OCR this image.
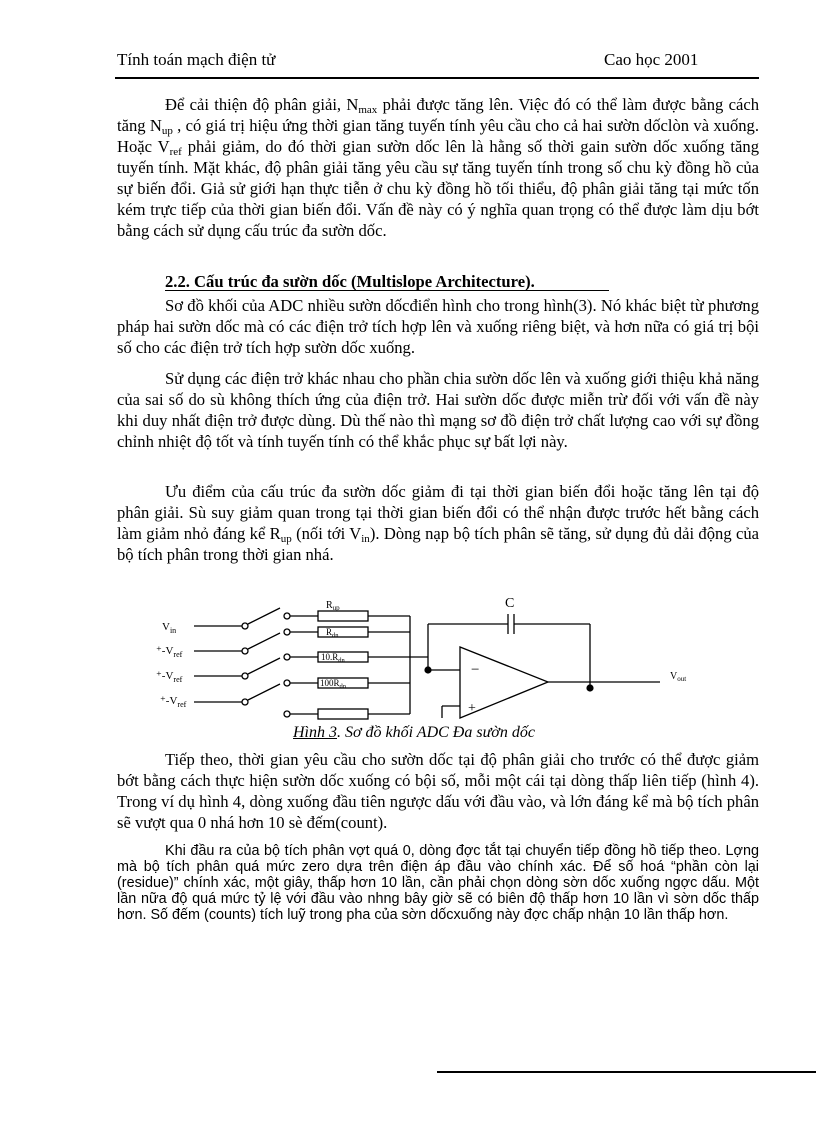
Tính toán mạch điện tử	Cao học 2001

Để cải thiện độ phân giải, $N_{max}$ phải được tăng lên. Việc đó có thể làm được bằng cách tăng $N_{up}$ , có giá trị hiệu ứng thời gian tăng tuyến tính yêu cầu cho cả hai sườn dốclòn và xuống. Hoặc $V_{ref}$ phải giảm, do đó thời gian sườn dốc lên là hằng số thời gain sườn dốc xuống tăng tuyến tính. Mặt khác, độ phân giải tăng yêu cầu sự tăng tuyến tính trong số chu kỳ đồng hồ của sự biến đổi. Giả sử giới hạn thực tiễn ở chu kỳ đồng hồ tối thiểu, độ phân giải tăng tại mức tốn kém trực tiếp của thời gian biến đổi. Vấn đề này có ý nghĩa quan trọng có thể được làm dịu bớt bằng cách sử dụng cấu trúc đa sườn dốc.

2.2. Cấu trúc đa sườn dốc (Multislope Architecture).

Sơ đồ khối của ADC nhiều sườn dốcđiển hình cho trong hình(3). Nó khác biệt từ phương pháp hai sườn dốc mà có các điện trở tích hợp lên và xuống riêng biệt, và hơn nữa có giá trị bội số cho các điện trở tích hợp sườn dốc xuống.

Sử dụng các điện trở khác nhau cho phần chia sườn dốc lên và xuống giới thiệu khả năng của sai số do sù không thích ứng của điện trở. Hai sườn dốc được miễn trừ đối với vấn đề này khi duy nhất điện trở được dùng. Dù thế nào thì mạng sơ đồ điện trở chất lượng cao với sự đồng chỉnh nhiệt độ tốt và tính tuyến tính có thể khắc phục sự bất lợi này.

Ưu điểm của cấu trúc đa sườn dốc giảm đi tại thời gian biến đổi hoặc tăng lên tại độ phân giải. Sù suy giảm quan trong tại thời gian biến đổi có thể nhận được trước hết bằng cách làm giảm nhỏ đáng kể $R_{up}$ (nối tới $V_{in}$). Dòng nạp bộ tích phân sẽ tăng, sử dụng đủ dải động của bộ tích phân trong thời gian nhá.

−
+
C
$V_{in}$
$^+-V_{ref}$
$^+-V_{ref}$
$^+-V_{ref}$
$R_{up}$
$R_{dn}$
$10.R_{dn}$
$100R_{dn}$
$V_{out}$
Hình 3. Sơ đồ khối ADC Đa sườn dốc

Tiếp theo, thời gian yêu cầu cho sườn dốc tại độ phân giải cho trước có thể được giảm bớt bằng cách thực hiện sườn dốc xuống có bội số, mỗi một cái tại dòng thấp liên tiếp (hình 4). Trong ví dụ hình 4, dòng xuống đầu tiên ngược dấu với đầu vào, và lớn đáng kể mà bộ tích phân sẽ vượt qua 0 nhá hơn 10 sè đếm(count).

Khi đầu ra của bộ tích phân vợt quá 0, dòng đợc tắt tại chuyển tiếp đồng hồ tiếp theo. Lợng mà bộ tích phân quá mức zero dựa trên điện áp đầu vào chính xác. Để số hoá “phần còn lại (residue)” chính xác, một giây, thấp hơn 10 lần, cần phải chọn dòng sờn dốc xuống ngợc dấu. Một lần nữa độ quá mức tỷ lệ với đầu vào nhng bây giờ sẽ có biên độ thấp hơn 10 lần vì sờn dốc thấp hơn. Số đếm (counts) tích luỹ trong pha của sờn dốcxuống này đợc chấp nhận 10 lần thấp hơn.
